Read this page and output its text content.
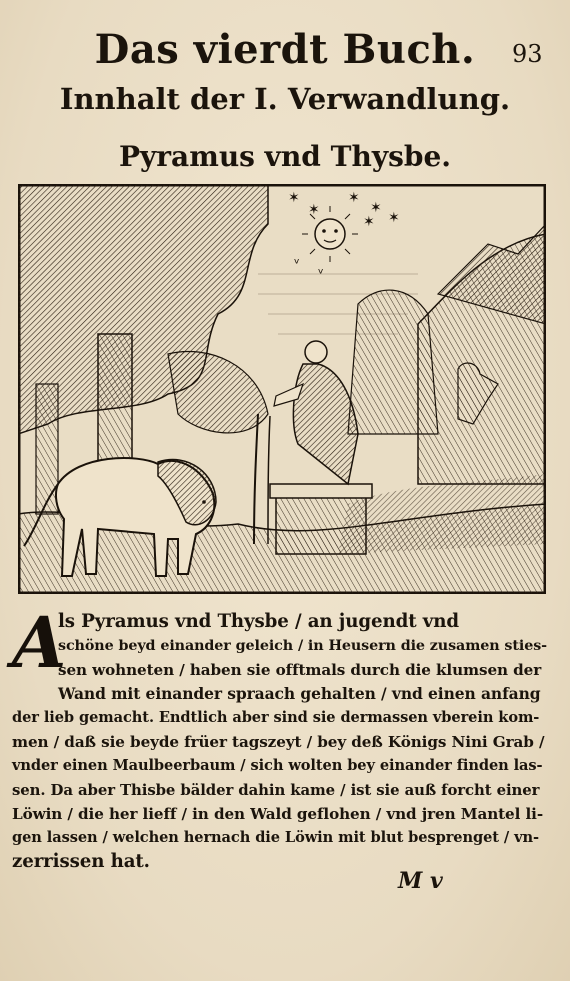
Das vierdt Buch.	93
Innhalt der I. Verwandlung.
Pyramus vnd Thysbe.
✶
✶
✶
✶
✶
✶
ᵛ
ᵛ
A
ls Pyramus vnd Thysbe / an jugendt vnd
schöne beyd einander geleich / in Heusern die zusamen sties-
sen wohneten / haben sie offtmals durch die klumsen der
Wand mit einander spraach gehalten / vnd einen anfang
der lieb gemacht. Endtlich aber sind sie dermassen vberein kom-
men / daß sie beyde früer tagszeyt / bey deß Königs Nini Grab /
vnder einen Maulbeerbaum / sich wolten bey einander finden las-
sen. Da aber Thisbe bälder dahin kame / ist sie auß forcht einer
Löwin / die her lieff / in den Wald geflohen / vnd jren Mantel li-
gen lassen / welchen hernach die Löwin mit blut besprenget / vn-
zerrissen hat.
M v
